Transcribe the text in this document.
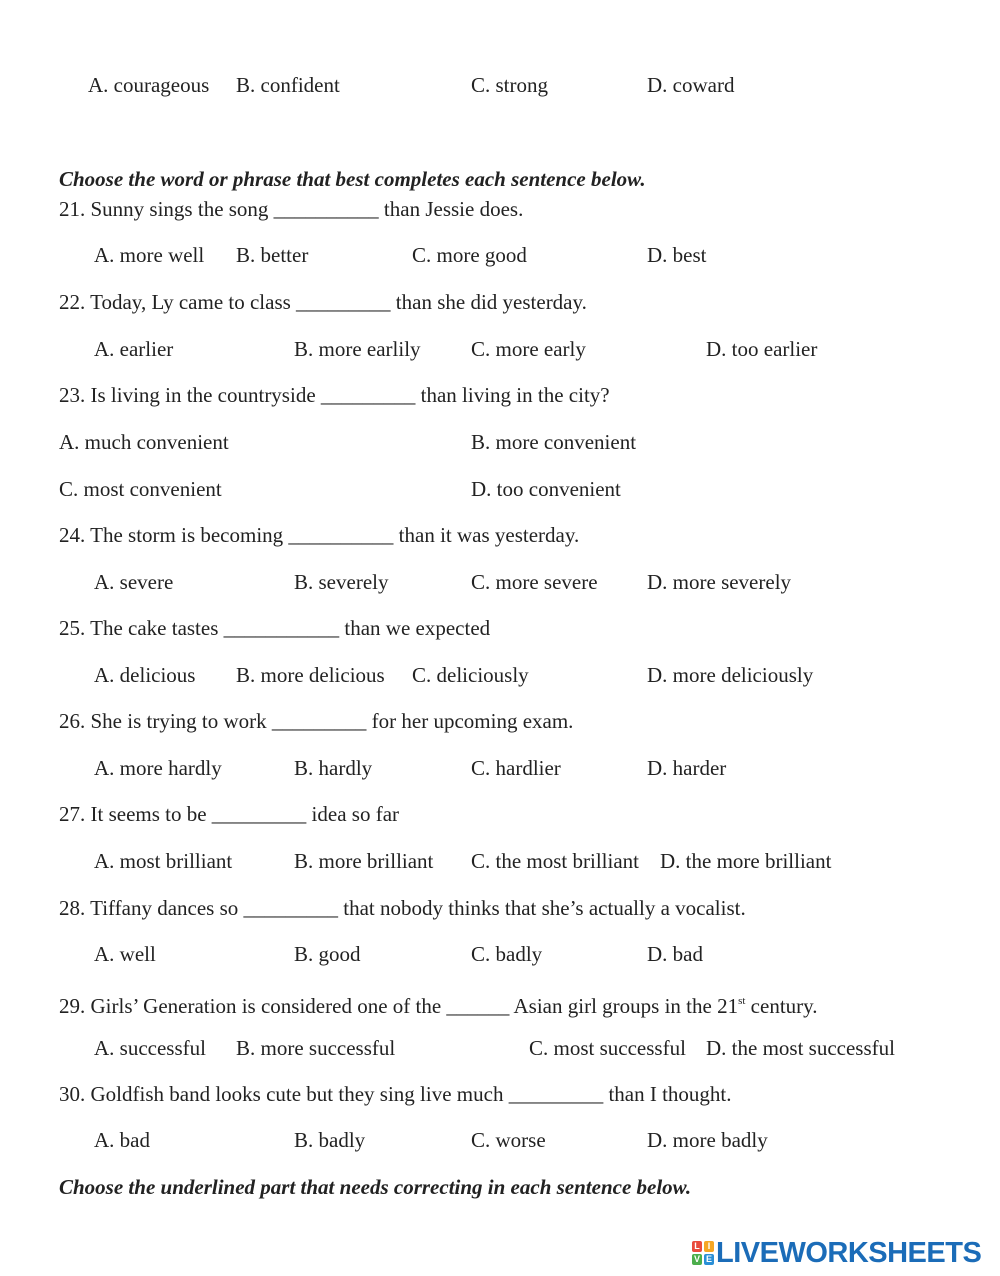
A. courageous B. confident	C. strong	D. coward
Choose the word or phrase that best completes each sentence below.
21. Sunny sings the song __________ than Jessie does.
A. more well B. better	C. more good	D. best
22. Today, Ly came to class _________ than she did yesterday.
A. earlier	B. more earlily C. more early	D. too earlier
23. Is living in the countryside _________ than living in the city?
A. much convenient	B. more convenient
C. most convenient	D. too convenient
24. The storm is becoming __________ than it was yesterday.
A. severe	B. severely	C. more severe D. more severely
25. The cake tastes ___________ than we expected
A. delicious B. more delicious C. deliciously	D. more deliciously
26. She is trying to work _________ for her upcoming exam.
A. more hardly	B. hardly	C. hardlier	D. harder
27. It seems to be _________ idea so far
A. most brilliant	B. more brilliant C. the most brilliant D. the more brilliant
28. Tiffany dances so _________ that nobody thinks that she’s actually a vocalist.
A. well	B. good	C. badly	D. bad
29. Girls’ Generation is considered one of the ______ Asian girl groups in the 21st century.
A. successful B. more successful	C. most successful D. the most successful
30. Goldfish band looks cute but they sing live much _________ than I thought.
A. bad	B. badly	C. worse	D. more badly
Choose the underlined part that needs correcting in each sentence below.
L I
V E LIVEWORKSHEETS
